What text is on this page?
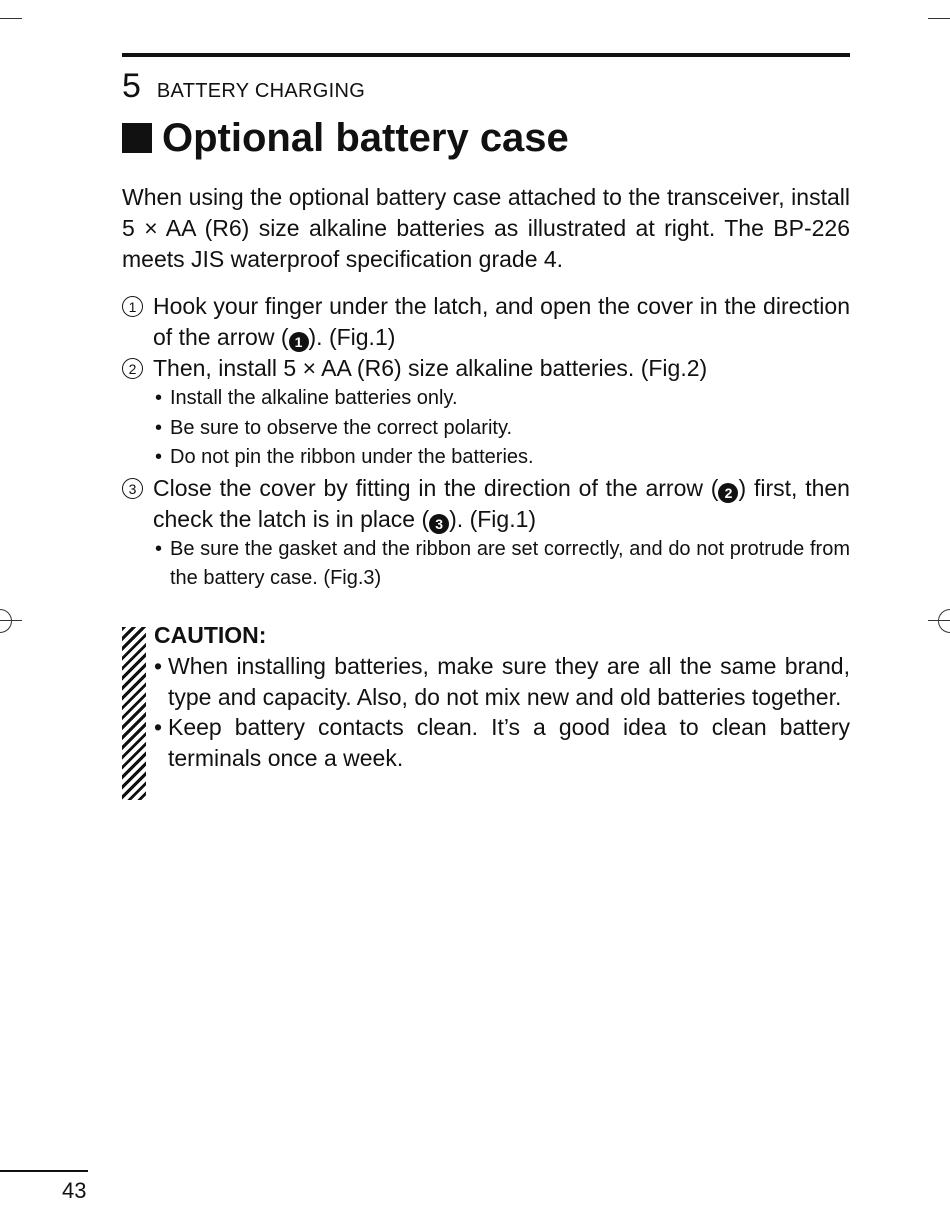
5 BATTERY CHARGING
Optional battery case

When using the optional battery case attached to the transceiver, install 5 × AA (R6) size alkaline batteries as illustrated at right. The BP-226 meets JIS waterproof specification grade 4.

1 Hook your finger under the latch, and open the cover in the direction of the arrow ( 1 ). (Fig.1)
2 Then, install 5 × AA (R6) size alkaline batteries. (Fig.2)
• Install the alkaline batteries only.
• Be sure to observe the correct polarity.
• Do not pin the ribbon under the batteries.
3 Close the cover by fitting in the direction of the arrow ( 2 ) first, then check the latch is in place ( 3 ). (Fig.1)
• Be sure the gasket and the ribbon are set correctly, and do not protrude from the battery case. (Fig.3)
CAUTION:
• When installing batteries, make sure they are all the same brand, type and capacity. Also, do not mix new and old batteries together.
• Keep battery contacts clean. It’s a good idea to clean battery terminals once a week.
43
